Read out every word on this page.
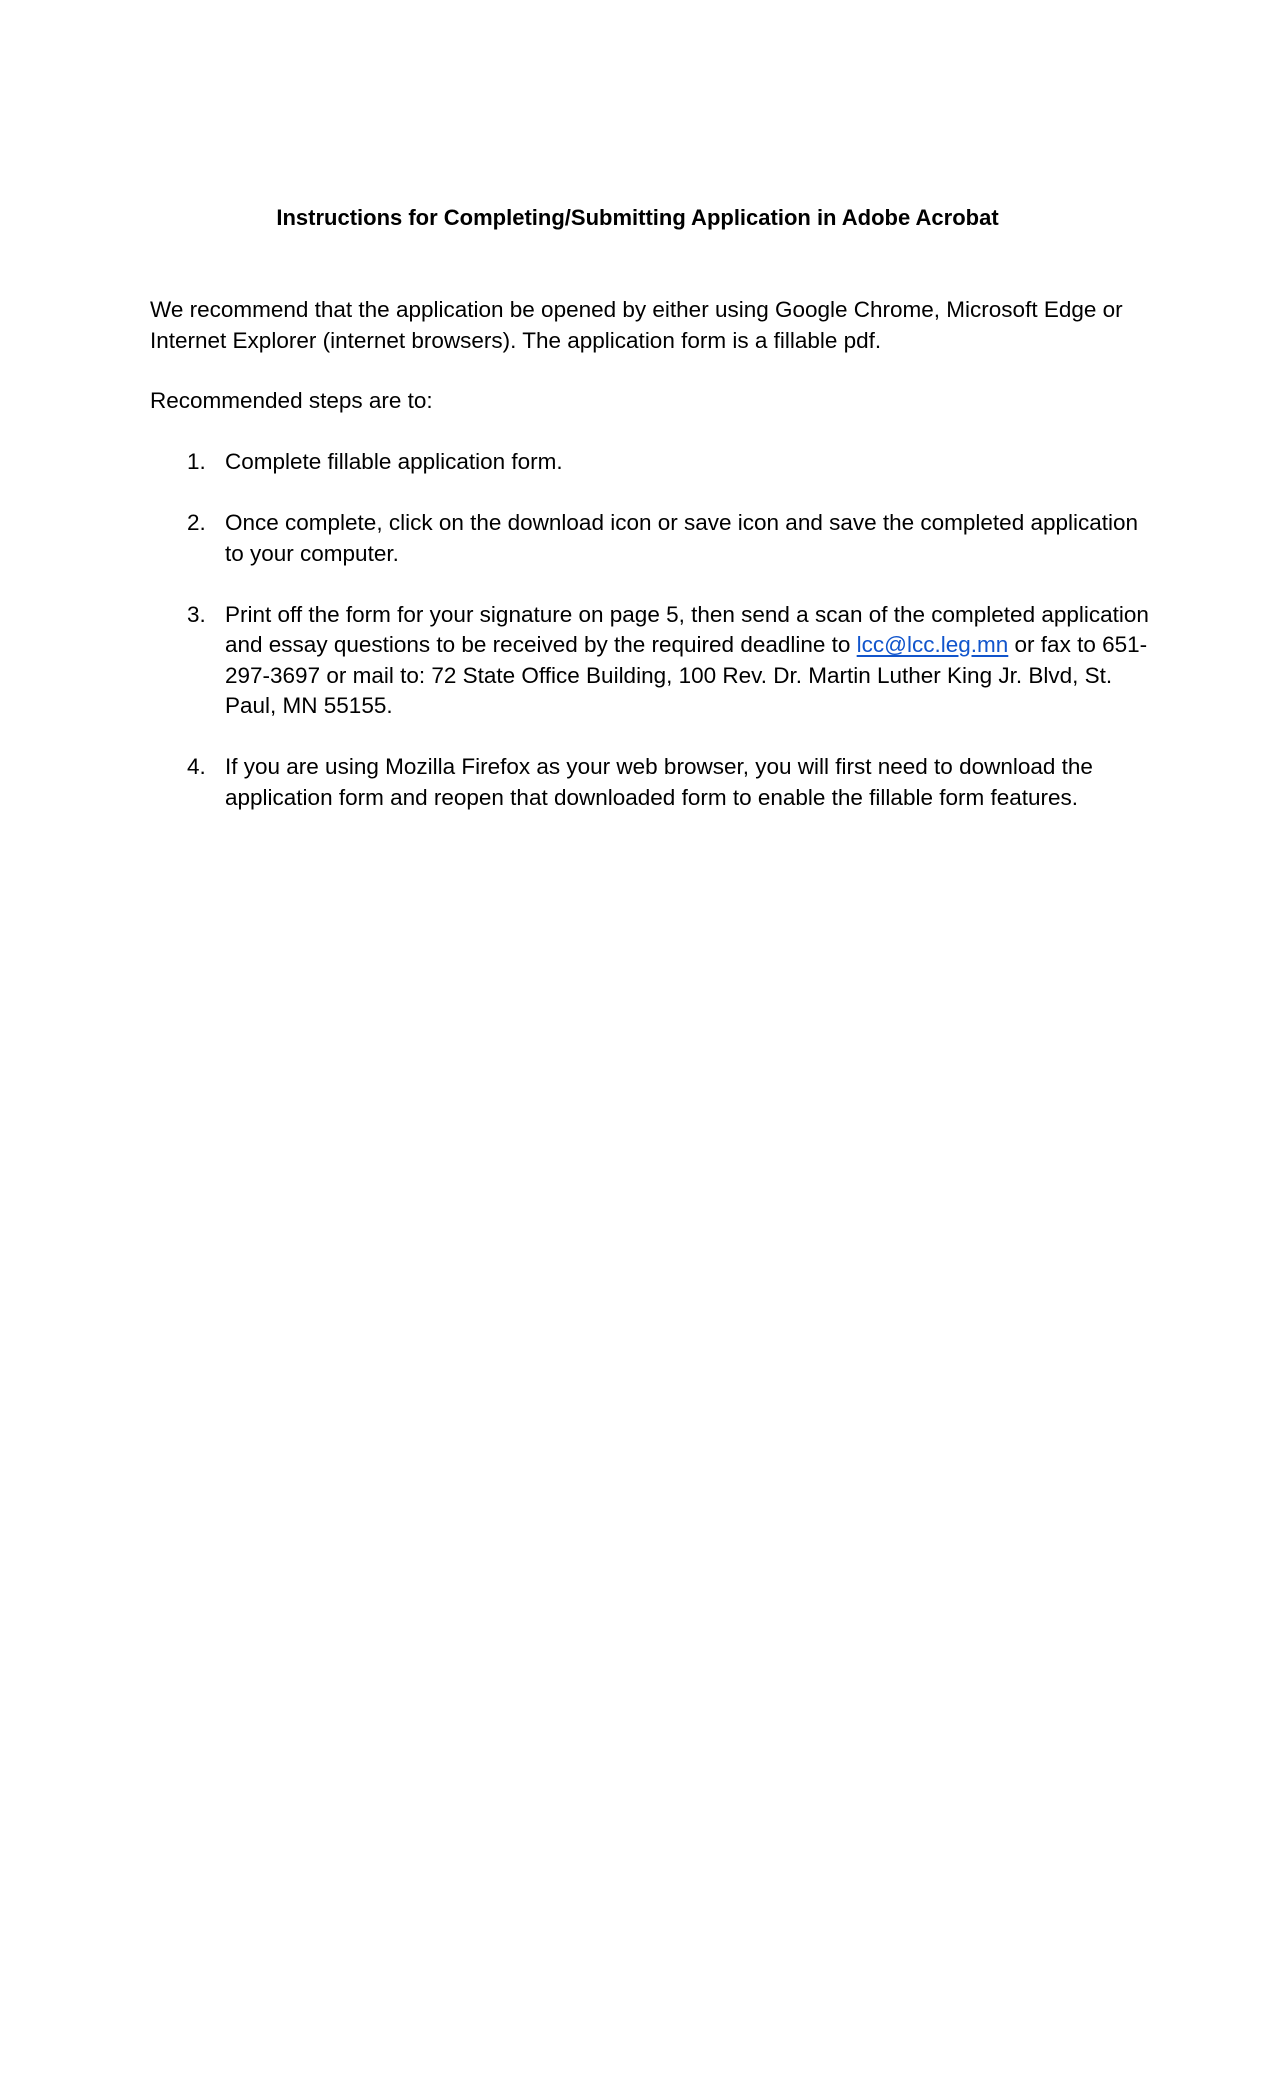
Instructions for Completing/Submitting Application in Adobe Acrobat
We recommend that the application be opened by either using Google Chrome, Microsoft Edge or Internet Explorer (internet browsers). The application form is a fillable pdf.
Recommended steps are to:
1. Complete fillable application form.
2. Once complete, click on the download icon or save icon and save the completed application to your computer.
3. Print off the form for your signature on page 5, then send a scan of the completed application and essay questions to be received by the required deadline to lcc@lcc.leg.mn or fax to 651-297-3697 or mail to: 72 State Office Building, 100 Rev. Dr. Martin Luther King Jr. Blvd, St. Paul, MN 55155.
4. If you are using Mozilla Firefox as your web browser, you will first need to download the application form and reopen that downloaded form to enable the fillable form features.
